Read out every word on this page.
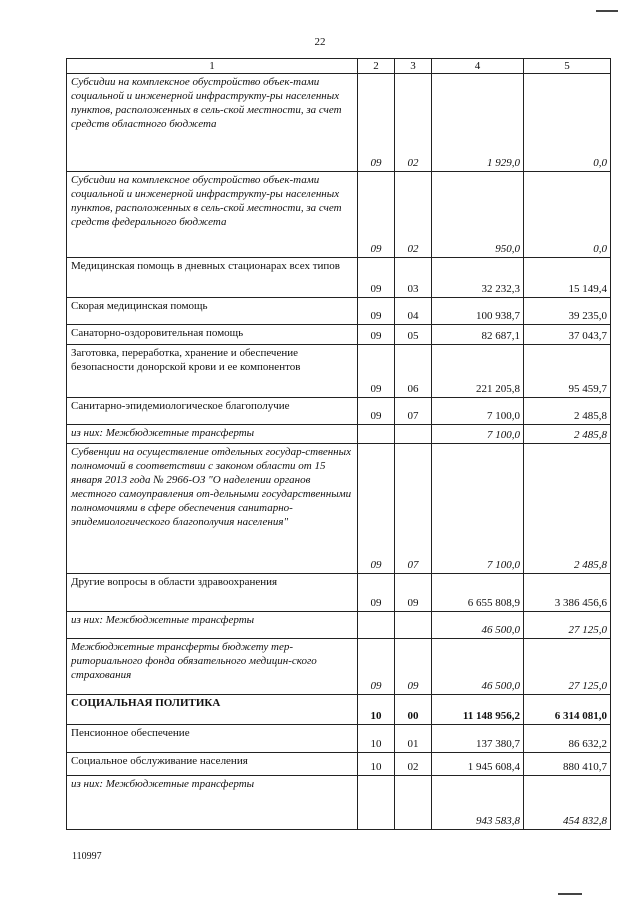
22
1	2	3	4	5
Субсидии на комплексное обустройство объек-тами социальной и инженерной инфраструкту-ры населенных пунктов, расположенных в сель-ской местности, за счет средств областного бюджета	09	02	1 929,0	0,0
Субсидии на комплексное обустройство объек-тами социальной и инженерной инфраструкту-ры населенных пунктов, расположенных в сель-ской местности, за счет средств федерального бюджета	09	02	950,0	0,0
Медицинская помощь в дневных стационарах всех типов	09	03	32 232,3	15 149,4
Скорая медицинская помощь	09	04	100 938,7	39 235,0
Санаторно-оздоровительная помощь	09	05	82 687,1	37 043,7
Заготовка, переработка, хранение и обеспечение безопасности донорской крови и ее компонентов	09	06	221 205,8	95 459,7
Санитарно-эпидемиологическое благополучие	09	07	7 100,0	2 485,8
из них: Межбюджетные трансферты			7 100,0	2 485,8
Субвенции на осуществление отдельных государ-ственных полномочий в соответствии с законом области от 15 января 2013 года № 2966-ОЗ "О наделении органов местного самоуправления от-дельными государственными полномочиями в сфере обеспечения санитарно-эпидемиологического благополучия населения"	09	07	7 100,0	2 485,8
Другие вопросы в области здравоохранения	09	09	6 655 808,9	3 386 456,6
из них: Межбюджетные трансферты			46 500,0	27 125,0
Межбюджетные трансферты бюджету тер-риториального фонда обязательного медицин-ского страхования	09	09	46 500,0	27 125,0
СОЦИАЛЬНАЯ ПОЛИТИКА	10	00	11 148 956,2	6 314 081,0
Пенсионное обеспечение	10	01	137 380,7	86 632,2
Социальное обслуживание населения	10	02	1 945 608,4	880 410,7
из них: Межбюджетные трансферты			943 583,8	454 832,8
110997
